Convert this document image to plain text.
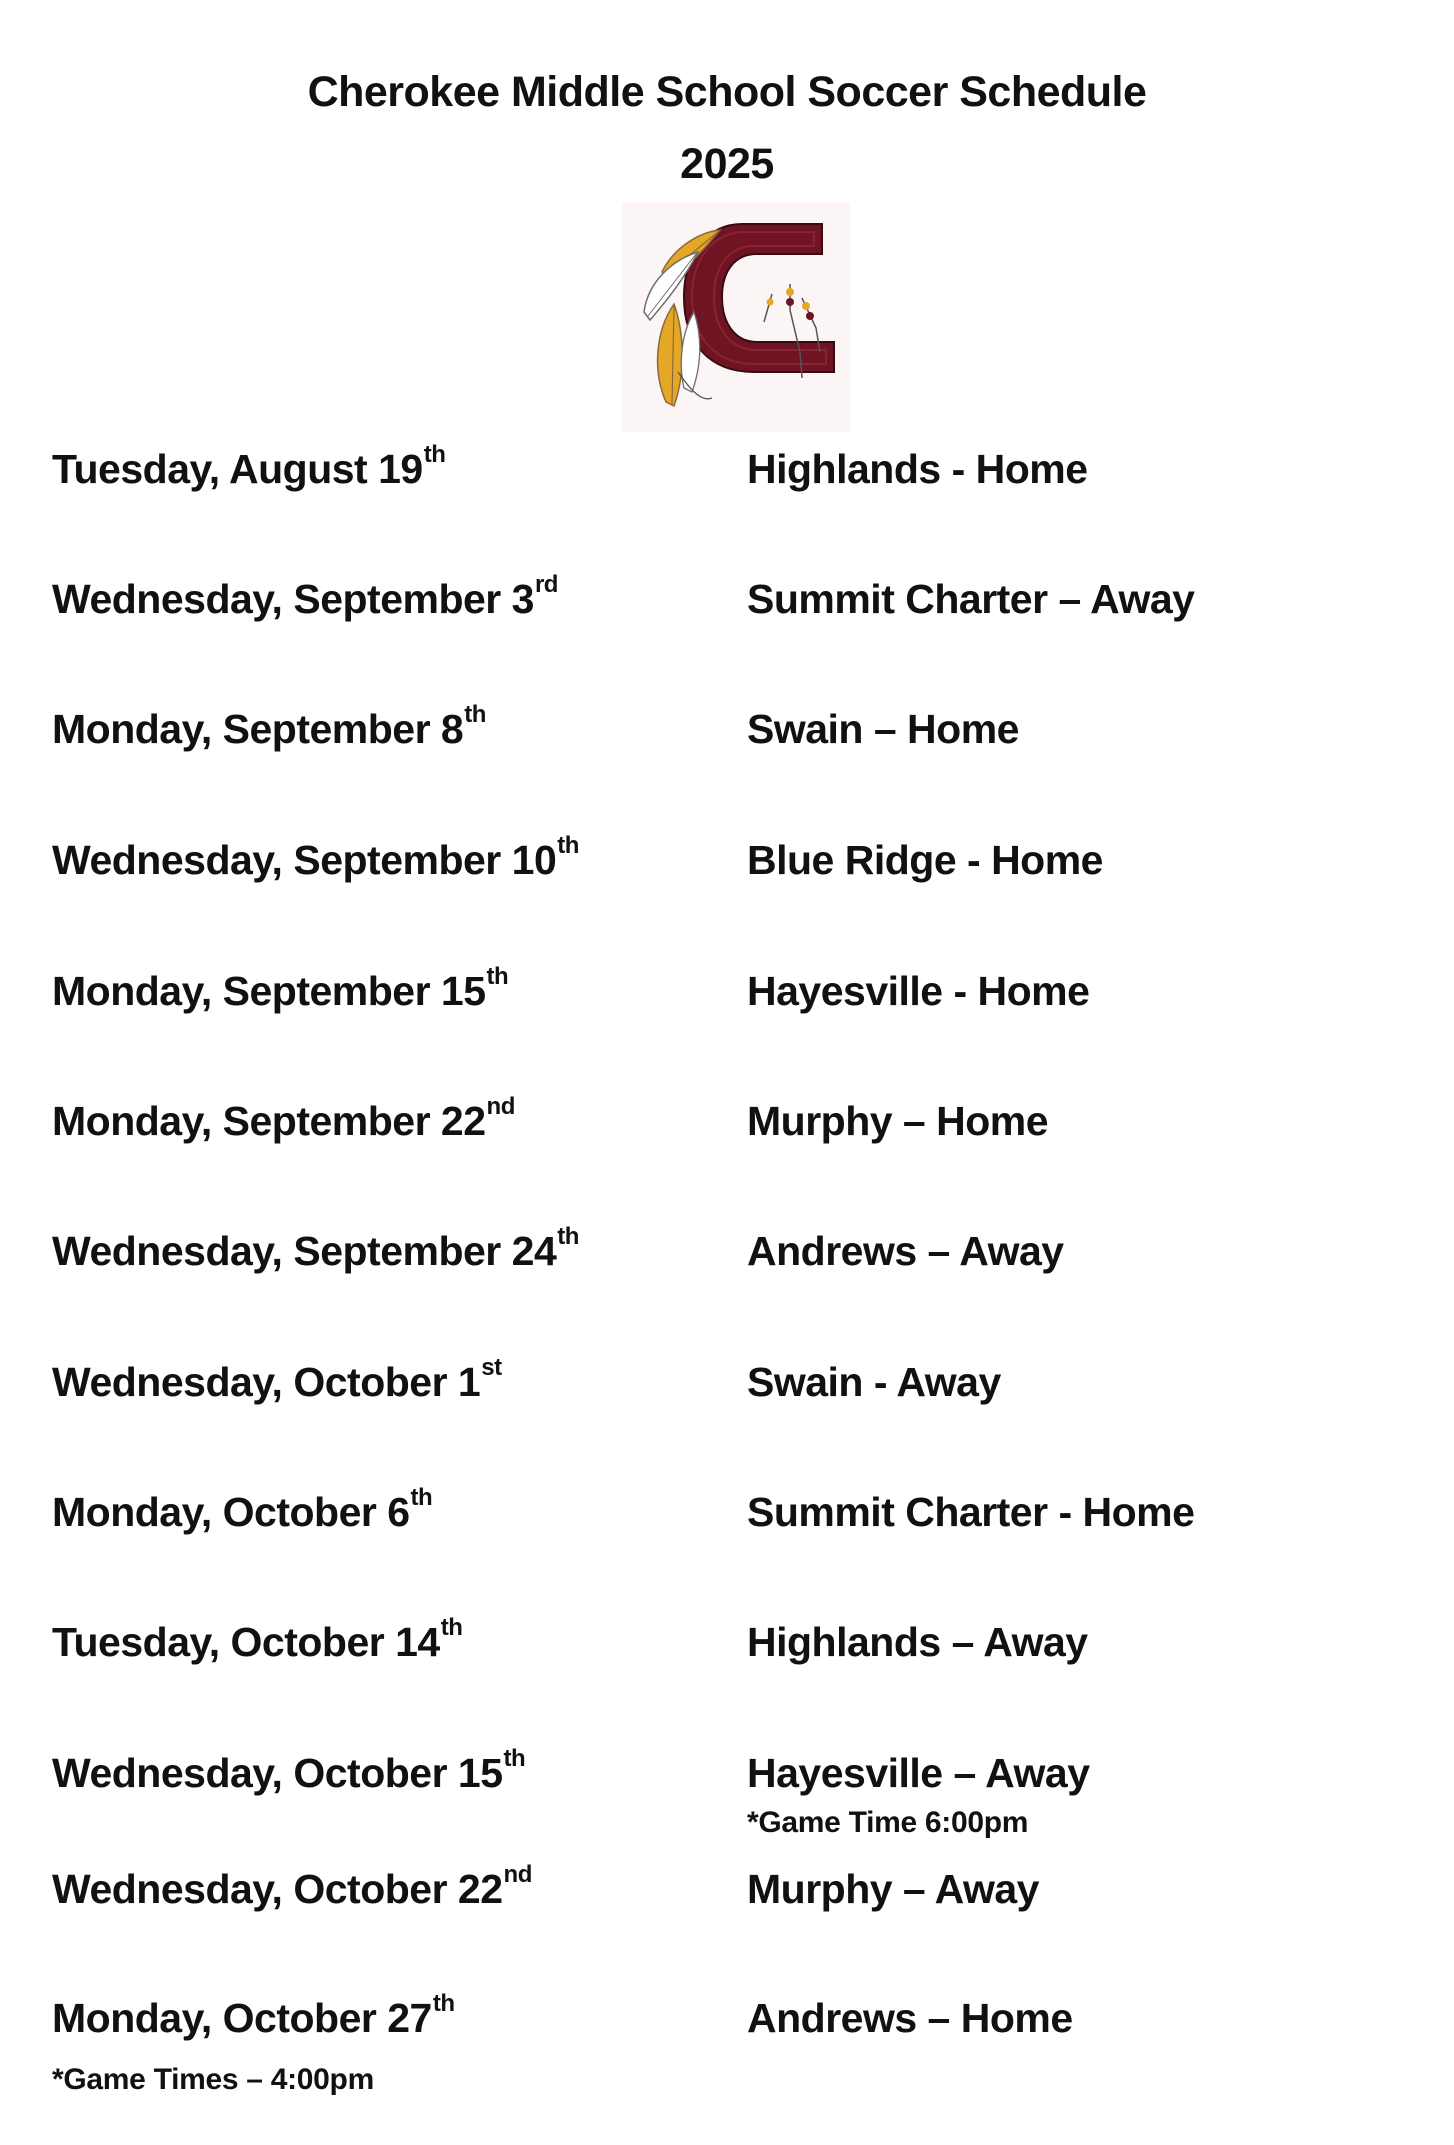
Cherokee Middle School Soccer Schedule
2025
Tuesday, August 19th	Highlands - Home
Wednesday, September 3rd	Summit Charter – Away
Monday, September 8th	Swain – Home
Wednesday, September 10th	Blue Ridge - Home
Monday, September 15th	Hayesville - Home
Monday, September 22nd	Murphy – Home
Wednesday, September 24th	Andrews – Away
Wednesday, October 1st	Swain - Away
Monday, October 6th	Summit Charter - Home
Tuesday, October 14th	Highlands – Away
Wednesday, October 15th	Hayesville – Away
*Game Time 6:00pm
Wednesday, October 22nd	Murphy – Away
Monday, October 27th	Andrews – Home
*Game Times – 4:00pm
